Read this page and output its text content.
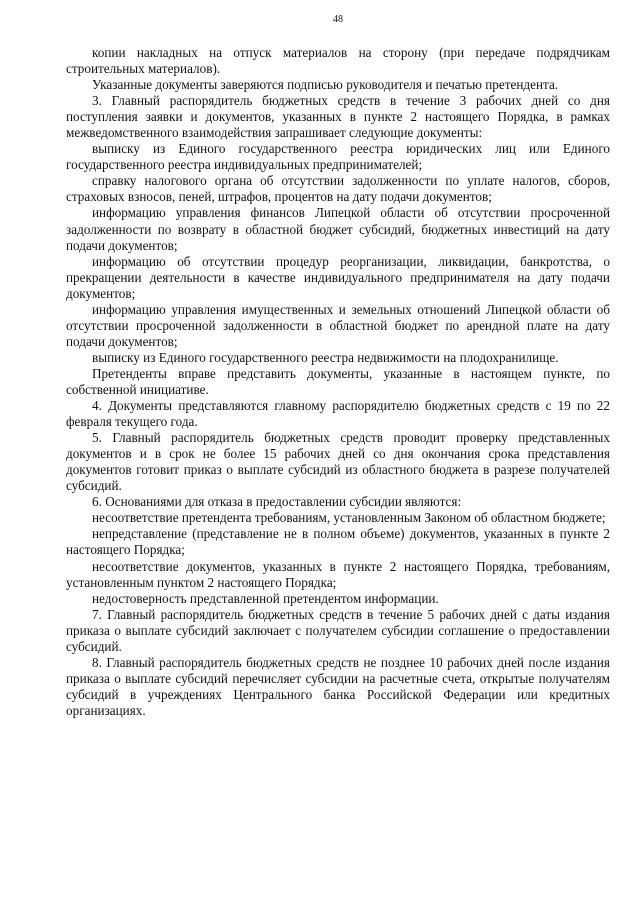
48

копии накладных на отпуск материалов на сторону (при передаче подрядчикам строительных материалов).

Указанные документы заверяются подписью руководителя и печатью претендента.

3. Главный распорядитель бюджетных средств в течение 3 рабочих дней со дня поступления заявки и документов, указанных в пункте 2 настоящего Порядка, в рамках межведомственного взаимодействия запрашивает следующие документы:

выписку из Единого государственного реестра юридических лиц или Единого государственного реестра индивидуальных предпринимателей;

справку налогового органа об отсутствии задолженности по уплате налогов, сборов, страховых взносов, пеней, штрафов, процентов на дату подачи документов;

информацию управления финансов Липецкой области об отсутствии просроченной задолженности по возврату в областной бюджет субсидий, бюджетных инвестиций на дату подачи документов;

информацию об отсутствии процедур реорганизации, ликвидации, банкротства, о прекращении деятельности в качестве индивидуального предпринимателя на дату подачи документов;

информацию управления имущественных и земельных отношений Липецкой области об отсутствии просроченной задолженности в областной бюджет по арендной плате на дату подачи документов;

выписку из Единого государственного реестра недвижимости на плодохранилище.

Претенденты вправе представить документы, указанные в настоящем пункте, по собственной инициативе.

4. Документы представляются главному распорядителю бюджетных средств с 19 по 22 февраля текущего года.

5. Главный распорядитель бюджетных средств проводит проверку представленных документов и в срок не более 15 рабочих дней со дня окончания срока представления документов готовит приказ о выплате субсидий из областного бюджета в разрезе получателей субсидий.

6. Основаниями для отказа в предоставлении субсидии являются:

несоответствие претендента требованиям, установленным Законом об областном бюджете;

непредставление (представление не в полном объеме) документов, указанных в пункте 2 настоящего Порядка;

несоответствие документов, указанных в пункте 2 настоящего Порядка, требованиям, установленным пунктом 2 настоящего Порядка;

недостоверность представленной претендентом информации.

7. Главный распорядитель бюджетных средств в течение 5 рабочих дней с даты издания приказа о выплате субсидий заключает с получателем субсидии соглашение о предоставлении субсидий.

8. Главный распорядитель бюджетных средств не позднее 10 рабочих дней после издания приказа о выплате субсидий перечисляет субсидии на расчетные счета, открытые получателям субсидий в учреждениях Центрального банка Российской Федерации или кредитных организациях.
